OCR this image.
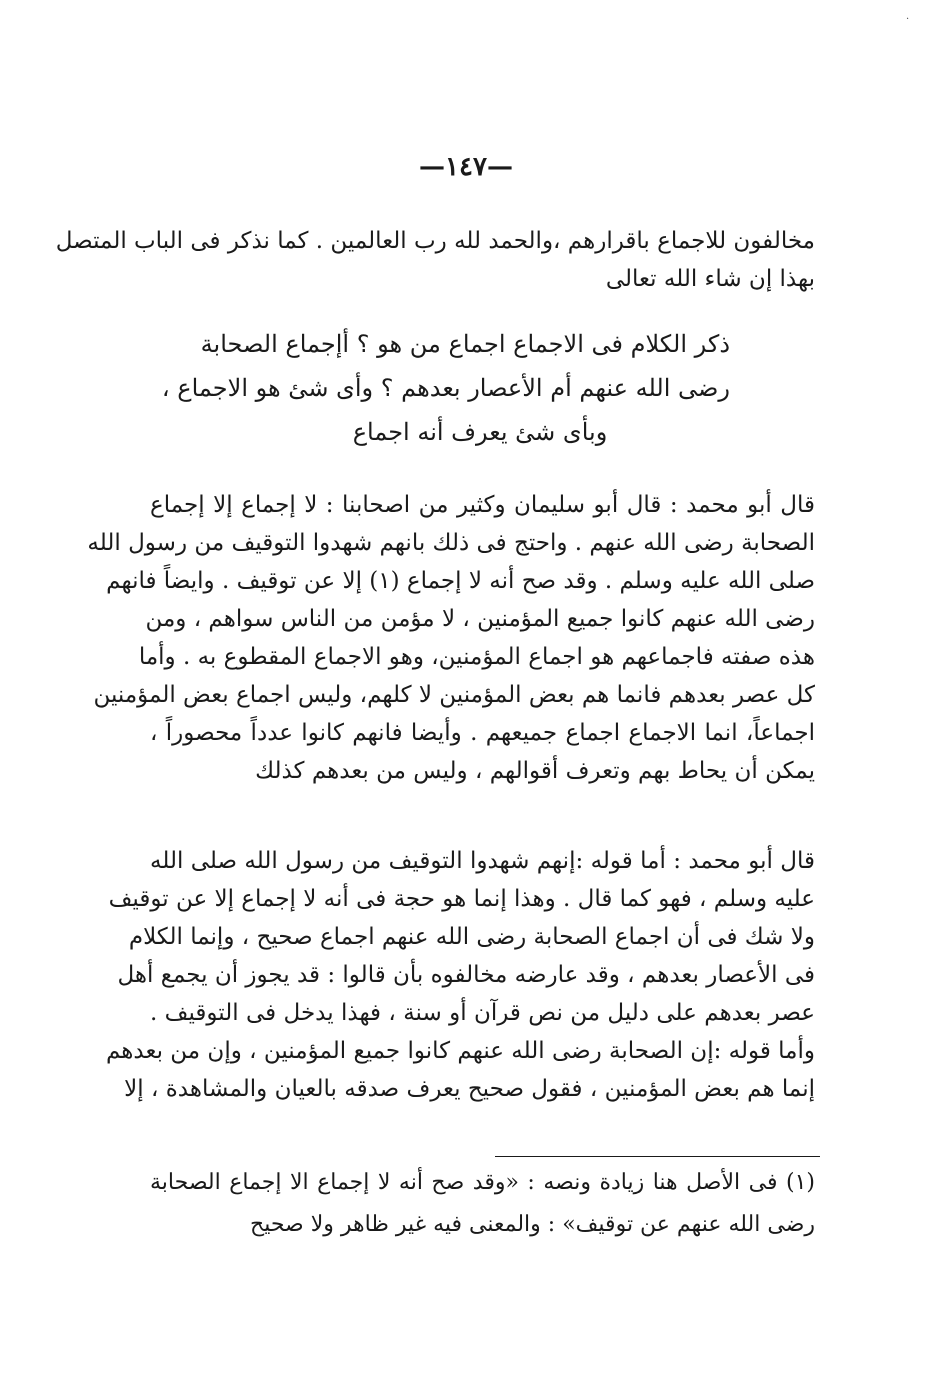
·
—١٤٧—
مخالفون للاجماع باقرارهم ،والحمد لله رب العالمين . كما نذكر فى الباب المتصل
بهذا إن شاء الله تعالى
ذكر الكلام فى الاجماع اجماع من هو ؟ أإجماع الصحابة
رضى الله عنهم أم الأعصار بعدهم ؟ وأى شئ هو الاجماع ،
وبأى شئ يعرف أنه اجماع
قال أبو محمد : قال أبو سليمان وكثير من اصحابنا : لا إجماع إلا إجماع
الصحابة رضى الله عنهم . واحتج فى ذلك بانهم شهدوا التوقيف من رسول الله
صلى الله عليه وسلم . وقد صح أنه لا إجماع (١) إلا عن توقيف . وايضاً فانهم
رضى الله عنهم كانوا جميع المؤمنين ، لا مؤمن من الناس سواهم ، ومن
هذه صفته فاجماعهم هو اجماع المؤمنين، وهو الاجماع المقطوع به . وأما
كل عصر بعدهم فانما هم بعض المؤمنين لا كلهم، وليس اجماع بعض المؤمنين
اجماعاً، انما الاجماع اجماع جميعهم . وأيضا فانهم كانوا عدداً محصوراً ،
يمكن أن يحاط بهم وتعرف أقوالهم ، وليس من بعدهم كذلك
قال أبو محمد : أما قوله :إنهم شهدوا التوقيف من رسول الله صلى الله
عليه وسلم ، فهو كما قال . وهذا إنما هو حجة فى أنه لا إجماع إلا عن توقيف
ولا شك فى أن اجماع الصحابة رضى الله عنهم اجماع صحيح ، وإنما الكلام
فى الأعصار بعدهم ، وقد عارضه مخالفوه بأن قالوا : قد يجوز أن يجمع أهل
عصر بعدهم على دليل من نص قرآن أو سنة ، فهذا يدخل فى التوقيف .
وأما قوله :إن الصحابة رضى الله عنهم كانوا جميع المؤمنين ، وإن من بعدهم
إنما هم بعض المؤمنين ، فقول صحيح يعرف صدقه بالعيان والمشاهدة ، إلا
(١) فى الأصل هنا زيادة ونصه : «وقد صح أنه لا إجماع الا إجماع الصحابة
رضى الله عنهم عن توقيف» : والمعنى فيه غير ظاهر ولا صحيح
